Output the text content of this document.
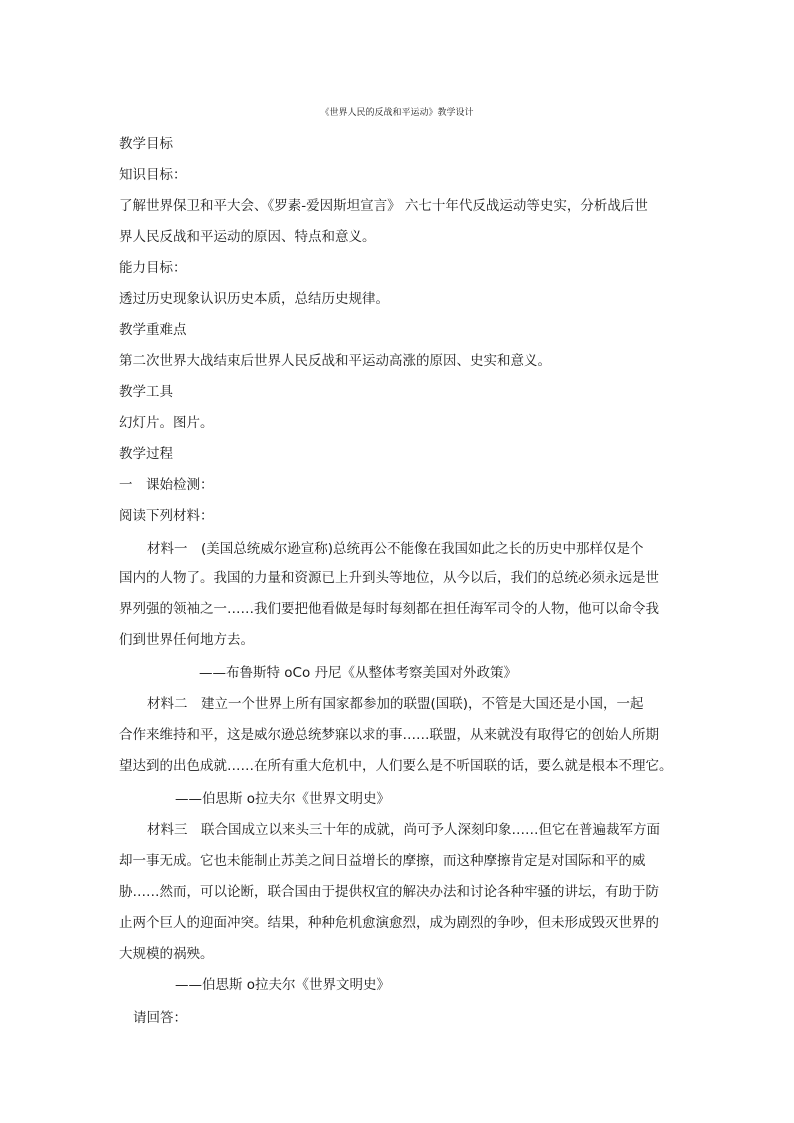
《世界人民的反战和平运动》教学设计
教学目标
知识目标：
了解世界保卫和平大会、《罗素-爱因斯坦宣言》 六七十年代反战运动等史实，分析战后世
界人民反战和平运动的原因、特点和意义。
能力目标：
透过历史现象认识历史本质，总结历史规律。
教学重难点
第二次世界大战结束后世界人民反战和平运动高涨的原因、史实和意义。
教学工具
幻灯片。图片。
教学过程
一　课始检测：
阅读下列材料：
材料一　(美国总统威尔逊宣称)总统再公不能像在我国如此之长的历史中那样仅是个
国内的人物了。我国的力量和资源已上升到头等地位，从今以后，我们的总统必须永远是世
界列强的领袖之一……我们要把他看做是每时每刻都在担任海军司令的人物，他可以命令我
们到世界任何地方去。
——布鲁斯特 oCo 丹尼《从整体考察美国对外政策》
材料二　建立一个世界上所有国家都参加的联盟(国联)，不管是大国还是小国，一起
合作来维持和平，这是威尔逊总统梦寐以求的事……联盟，从来就没有取得它的创始人所期
望达到的出色成就……在所有重大危机中，人们要么是不听国联的话，要么就是根本不理它。
——伯思斯 o拉夫尔《世界文明史》
材料三　联合国成立以来头三十年的成就，尚可予人深刻印象……但它在普遍裁军方面
却一事无成。它也未能制止苏美之间日益增长的摩擦，而这种摩擦肯定是对国际和平的威
胁……然而，可以论断，联合国由于提供权宜的解决办法和讨论各种牢骚的讲坛，有助于防
止两个巨人的迎面冲突。结果，种种危机愈演愈烈，成为剧烈的争吵，但未形成毁灭世界的
大规模的祸殃。
——伯思斯 o拉夫尔《世界文明史》
请回答：
